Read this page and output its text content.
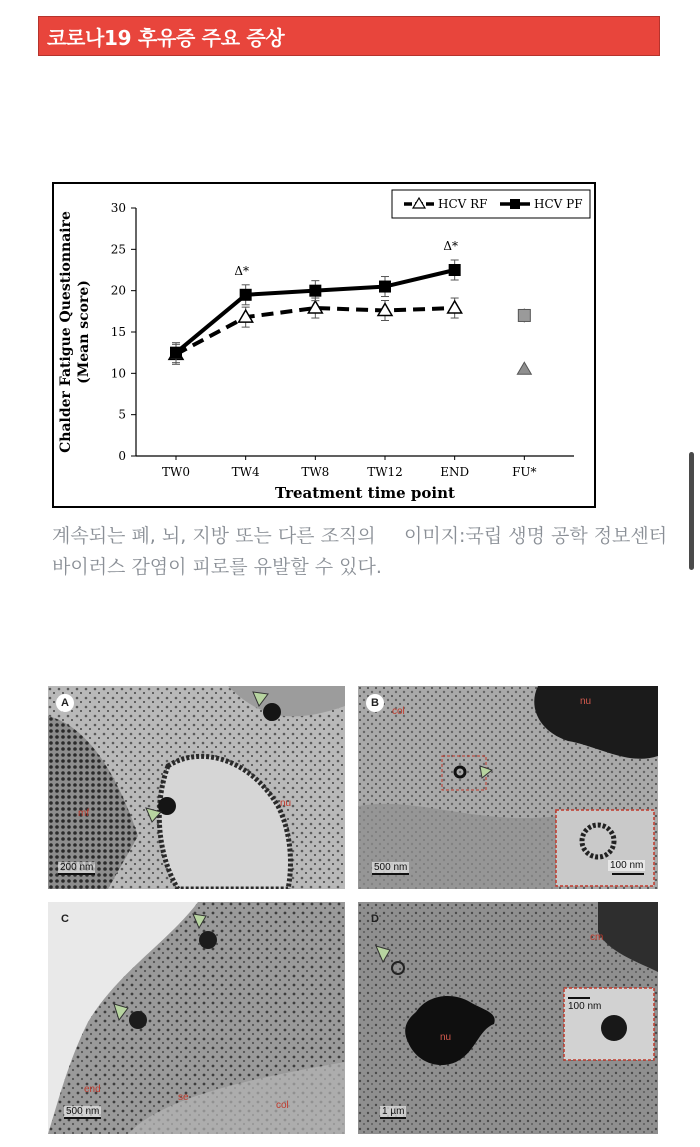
코로나19 후유증 주요 증상
0
5
10
15
20
25
30
TW0	TW4	TW8	TW12	END	FU*
Treatment time point
Chalder Fatigue Questionnaire (Mean score)
Δ*
Δ*
HCV RF	HCV PF
계속되는 폐, 뇌, 지방 또는 다른 조직의 바이러스 감염이 피로를 유발할 수 있다.
이미지:국립 생명 공학 정보센터
A
mf
nu
200 nm
B
col
nu
500 nm	100 nm
C
end
se
col
500 nm
D
cm
nu
1 µm
100 nm
